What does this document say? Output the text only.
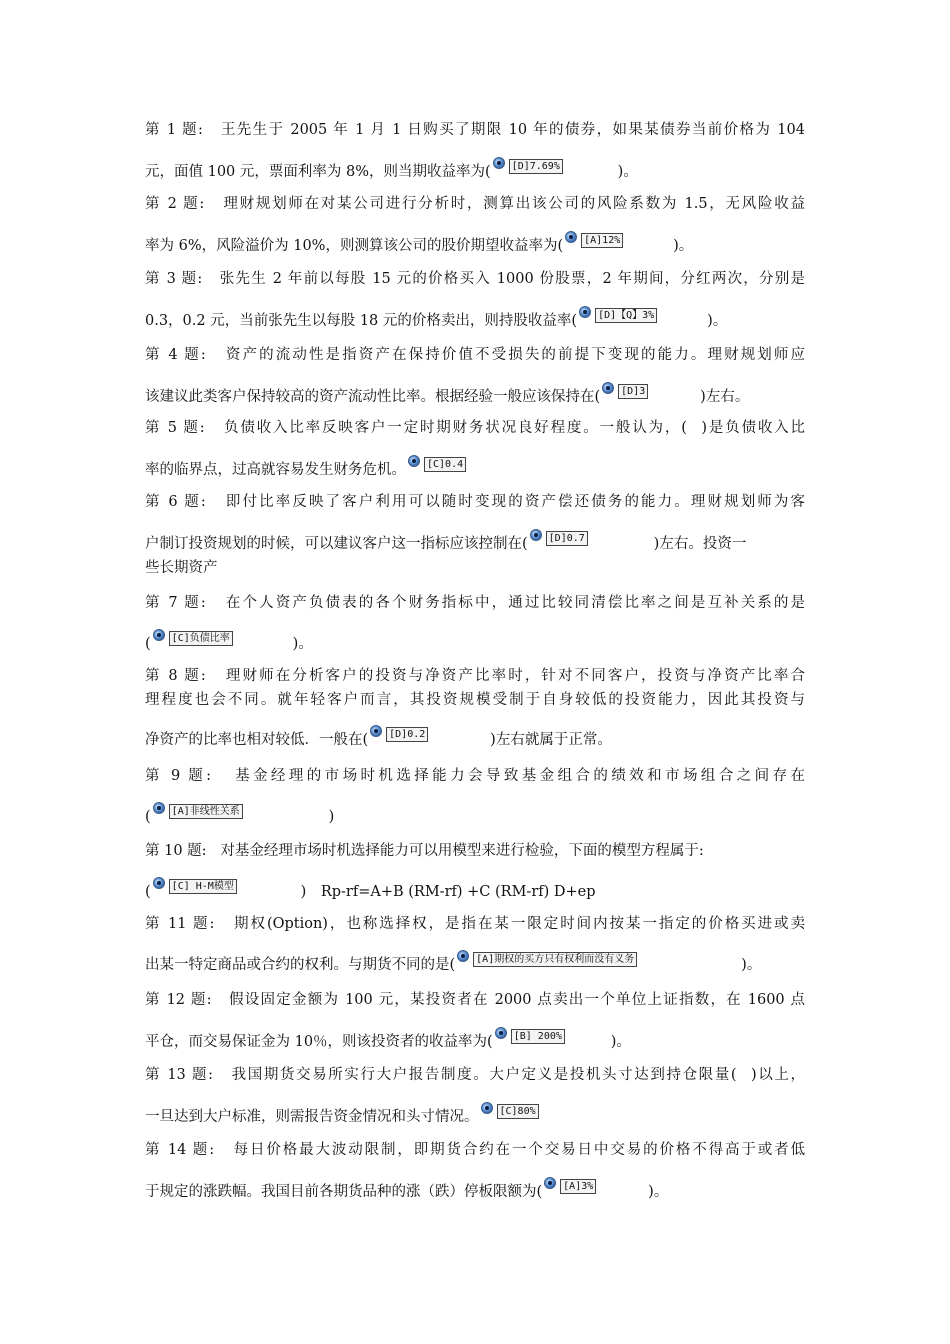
第 1 题: 王先生于 2005 年 1 月 1 日购买了期限 10 年的债券，如果某债券当前价格为 104
元，面值 100 元，票面利率为 8%，则当期收益率为(	[D]7.69%	)。
第 2 题: 理财规划师在对某公司进行分析时，测算出该公司的风险系数为 1.5，无风险收益
率为 6%，风险溢价为 10%，则测算该公司的股价期望收益率为(	[A]12%	)。
第 3 题: 张先生 2 年前以每股 15 元的价格买入 1000 份股票，2 年期间，分红两次，分别是
0.3，0.2 元，当前张先生以每股 18 元的价格卖出，则持股收益率(	[D]【Q】3%	)。
第 4 题: 资产的流动性是指资产在保持价值不受损失的前提下变现的能力。理财规划师应
该建议此类客户保持较高的资产流动性比率。根据经验一般应该保持在(	[D]3	)左右。
第 5 题: 负债收入比率反映客户一定时期财务状况良好程度。一般认为，( )是负债收入比
率的临界点，过高就容易发生财务危机。	[C]0.4
第 6 题: 即付比率反映了客户利用可以随时变现的资产偿还债务的能力。理财规划师为客
户制订投资规划的时候，可以建议客户这一指标应该控制在(	[D]0.7	)左右。投资一
些长期资产
第 7 题: 在个人资产负债表的各个财务指标中，通过比较同清偿比率之间是互补关系的是
(	[C]负债比率	)。
第 8 题: 理财师在分析客户的投资与净资产比率时，针对不同客户，投资与净资产比率合
理程度也会不同。就年轻客户而言，其投资规模受制于自身较低的投资能力，因此其投资与
净资产的比率也相对较低．一般在(	[D]0.2	)左右就属于正常。
第 9 题: 基金经理的市场时机选择能力会导致基金组合的绩效和市场组合之间存在
(	[A]非线性关系	)
第 10 题: 对基金经理市场时机选择能力可以用模型来进行检验，下面的模型方程属于:
(	[C] H-M模型	) Rp-rf=A+B (RM-rf) +C (RM-rf) D+ep
第 11 题: 期权(Option)，也称选择权，是指在某一限定时间内按某一指定的价格买进或卖
出某一特定商品或合约的权利。与期货不同的是(	[A]期权的买方只有权利而没有义务	)。
第 12 题: 假设固定金额为 100 元，某投资者在 2000 点卖出一个单位上证指数，在 1600 点
平仓，而交易保证金为 10％，则该投资者的收益率为(	[B] 200%	)。
第 13 题: 我国期货交易所实行大户报告制度。大户定义是投机头寸达到持仓限量( )以上，
一旦达到大户标准，则需报告资金情况和头寸情况。	[C]80%
第 14 题: 每日价格最大波动限制，即期货合约在一个交易日中交易的价格不得高于或者低
于规定的涨跌幅。我国目前各期货品种的涨（跌）停板限额为(	[A]3%	)。
